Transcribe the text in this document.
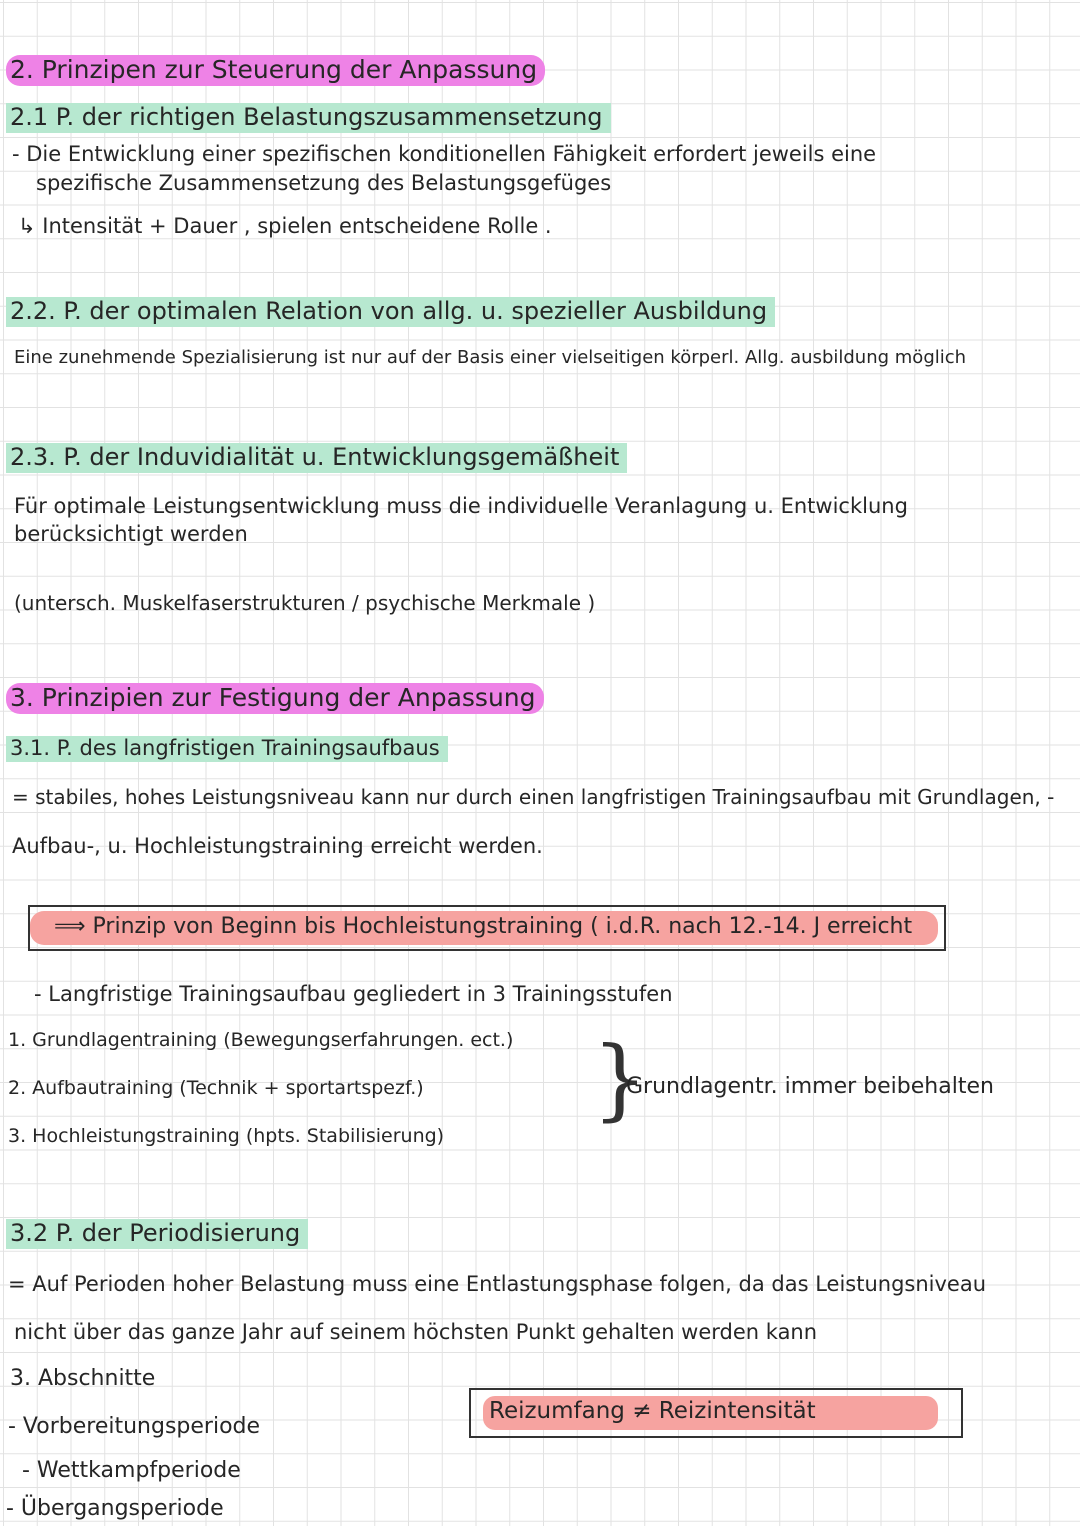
2. Prinzipen zur Steuerung der Anpassung
2.1 P. der richtigen Belastungszusammensetzung
- Die Entwicklung einer spezifischen konditionellen Fähigkeit erfordert jeweils eine
spezifische Zusammensetzung des Belastungsgefüges
↳ Intensität + Dauer , spielen entscheidene Rolle .
2.2. P. der optimalen Relation von allg. u. spezieller Ausbildung
Eine zunehmende Spezialisierung ist nur auf der Basis einer vielseitigen körperl. Allg. ausbildung möglich
2.3. P. der Induvidialität u. Entwicklungsgemäßheit
Für optimale Leistungsentwicklung muss die individuelle Veranlagung u. Entwicklung
berücksichtigt werden
(untersch. Muskelfaserstrukturen / psychische Merkmale )
3. Prinzipien zur Festigung der Anpassung
3.1. P. des langfristigen Trainingsaufbaus
= stabiles, hohes Leistungsniveau kann nur durch einen langfristigen Trainingsaufbau mit Grundlagen, -
Aufbau-, u. Hochleistungstraining erreicht werden.
⟹ Prinzip von Beginn bis Hochleistungstraining ( i.d.R. nach 12.-14. J erreicht
- Langfristige Trainingsaufbau gegliedert in 3 Trainingsstufen
1. Grundlagentraining (Bewegungserfahrungen. ect.)
2. Aufbautraining (Technik + sportartspezf.)
3. Hochleistungstraining (hpts. Stabilisierung)
}
Grundlagentr. immer beibehalten
3.2 P. der Periodisierung
= Auf Perioden hoher Belastung muss eine Entlastungsphase folgen, da das Leistungsniveau
nicht über das ganze Jahr auf seinem höchsten Punkt gehalten werden kann
3. Abschnitte
Reizumfang ≠ Reizintensität
- Vorbereitungsperiode
- Wettkampfperiode
- Übergangsperiode
